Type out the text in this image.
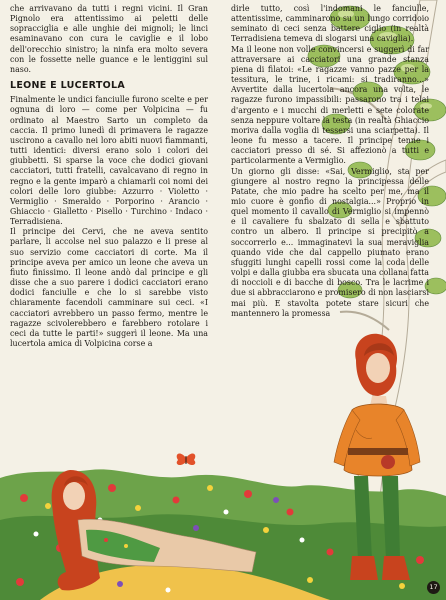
che arrivavano da tutti i regni vicini. Il Gran Pignolo era attentissimo ai peletti delle sopracciglia e alle unghie dei mignoli; le linci esaminavano con cura le caviglie e il lobo dell'orecchio sinistro; la ninfa era molto severa con le fossette nelle guance e le lentiggini sul naso.

LEONE E LUCERTOLA

Finalmente le undici fanciulle furono scelte e per ognuna di loro — come per Volpicina — fu ordinato al Maestro Sarto un completo da caccia. Il primo lunedì di primavera le ragazze uscirono a cavallo nei loro abiti nuovi fiammanti, tutti identici: diversi erano solo i colori dei giubbetti. Si sparse la voce che dodici giovani cacciatori, tutti fratelli, cavalcavano di regno in regno e la gente imparò a chiamarli coi nomi dei colori delle loro giubbe: Azzurro · Violetto · Vermiglio · Smeraldo · Porporino · Arancio · Ghiaccio · Gialletto · Pisello · Turchino · Indaco · Terradisiena.

Il principe dei Cervi, che ne aveva sentito parlare, li accolse nel suo palazzo e li prese al suo servizio come cacciatori di corte. Ma il principe aveva per amico un leone che aveva un fiuto finissimo. Il leone andò dal principe e gli disse che a suo parere i dodici cacciatori erano dodici fanciulle e che lo si sarebbe visto chiaramente facendoli camminare sui ceci. «I cacciatori avrebbero un passo fermo, mentre le ragazze scivolerebbero e farebbero rotolare i ceci da tutte le parti!» suggerì il leone. Ma una lucertola amica di Volpicina corse a

dirle tutto, così l'indomani le fanciulle, attentissime, camminarono su un lungo corridoio seminato di ceci senza battere ciglio (in realtà Terradisiena temeva di slogarsi una caviglia).

Ma il leone non volle convincersi e suggerì di far attraversare ai cacciatori una grande stanza piena di filatoi: «Le ragazze vanno pazze per la tessitura, le trine, i ricami: si tradiranno...» Avvertite dalla lucertola ancora una volta, le ragazze furono impassibili: passarono tra i telai d'argento e i mucchi di merletti e sete colorate senza neppure voltare la testa (in realtà Ghiaccio moriva dalla voglia di tessersi una sciarpetta). Il leone fu messo a tacere. Il principe tenne i cacciatori presso di sé. Si affezionò a tutti e particolarmente a Vermiglio.

Un giorno gli disse: «Sai, Vermiglio, sta per giungere al nostro regno la principessa delle Patate, che mio padre ha scelto per me, ma il mio cuore è gonfio di nostalgia...» Proprio in quel momento il cavallo di Vermiglio si impennò e il cavaliere fu sbalzato di sella e sbattuto contro un albero. Il principe si precipitò a soccorrerlo e... immaginatevi la sua meraviglia quando vide che dal cappello piumato erano sfuggiti lunghi capelli rossi come la coda delle volpi e dalla giubba era sbucata una collana fatta di noccioli e di bacche di bosco. Tra le lacrime i due si abbracciarono e promisero di non lasciarsi mai più. E stavolta potete stare sicuri che mantennero la promessa

17
